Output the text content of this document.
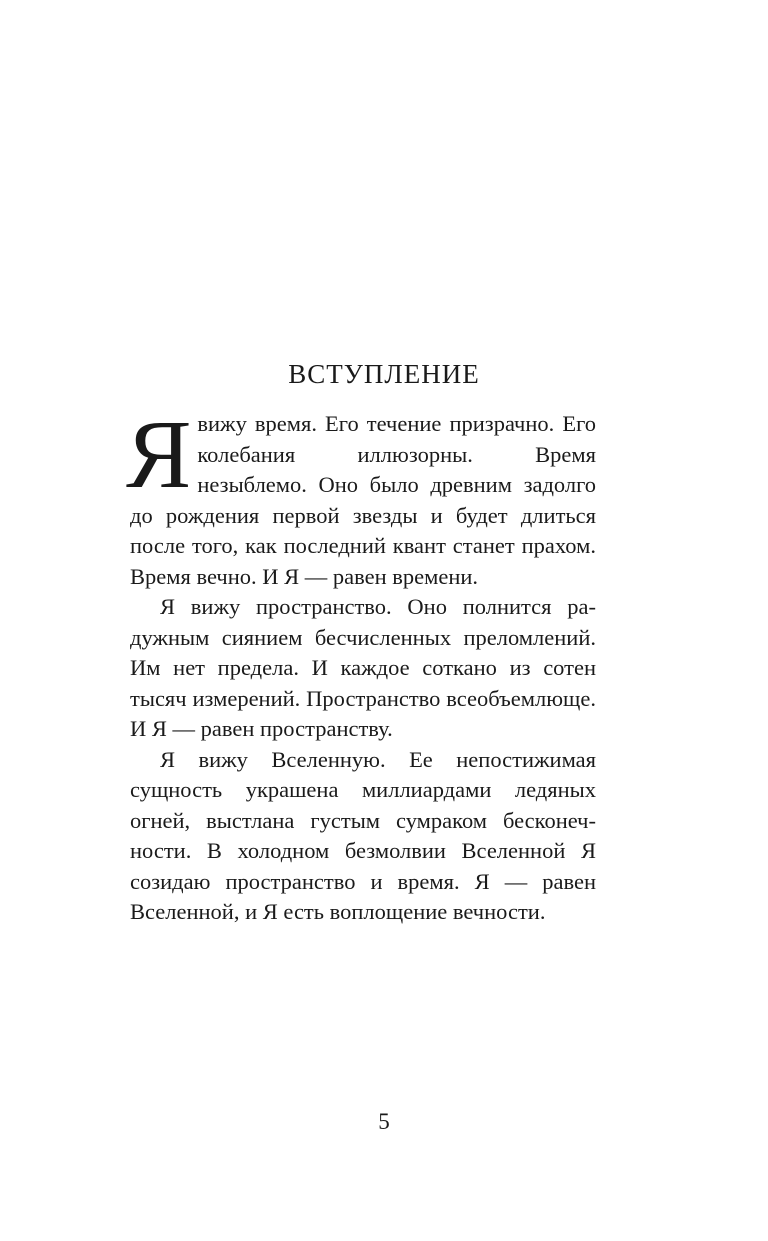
ВСТУПЛЕНИЕ

Явижу время. Его течение призрачно. Его колебания иллюзорны. Время незыблемо. Оно было древним задолго до рождения первой звезды и будет длиться после того, как последний квант станет прахом. Время вечно. И Я — равен времени.

Я вижу пространство. Оно полнится радужным сиянием бесчисленных преломлений. Им нет предела. И каждое соткано из сотен тысяч измерений. Пространство всеобъемлюще. И Я — равен пространству.

Я вижу Вселенную. Ее непостижимая сущность украшена миллиардами ледяных огней, выстлана густым сумраком бесконечности. В холодном безмолвии Вселенной Я созидаю пространство и время. Я — равен Вселенной, и Я есть воплощение вечности.

5
